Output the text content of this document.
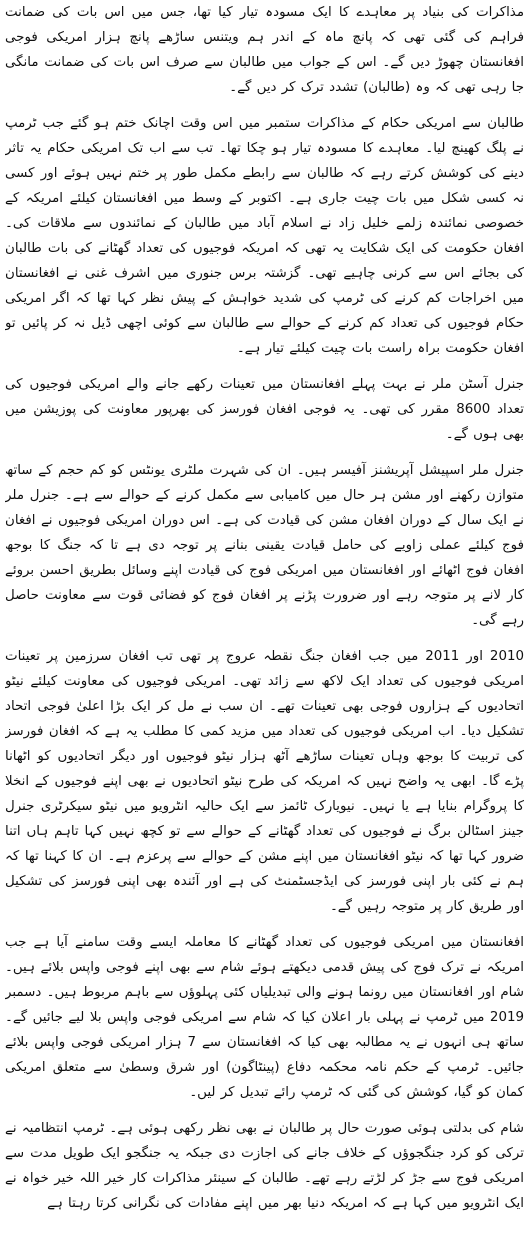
مذاکرات کی بنیاد پر معاہدے کا ایک مسودہ تیار کیا تھا، جس میں اس بات کی ضمانت فراہم کی گئی تھی کہ پانچ ماہ کے اندر ہم ویتنس ساڑھے پانچ ہزار امریکی فوجی افغانستان چھوڑ دیں گے۔ اس کے جواب میں طالبان سے صرف اس بات کی ضمانت مانگی جا رہی تھی کہ وہ (طالبان) تشدد ترک کر دیں گے۔

طالبان سے امریکی حکام کے مذاکرات ستمبر میں اس وقت اچانک ختم ہو گئے جب ٹرمپ نے پلگ کھینچ لیا۔ معاہدے کا مسودہ تیار ہو چکا تھا۔ تب سے اب تک امریکی حکام یہ تاثر دینے کی کوشش کرتے رہے کہ طالبان سے رابطے مکمل طور پر ختم نہیں ہوئے اور کسی نہ کسی شکل میں بات چیت جاری ہے۔ اکتوبر کے وسط میں افغانستان کیلئے امریکہ کے خصوصی نمائندہ زلمے خلیل زاد نے اسلام آباد میں طالبان کے نمائندوں سے ملاقات کی۔ افغان حکومت کی ایک شکایت یہ تھی کہ امریکہ فوجیوں کی تعداد گھٹانے کی بات طالبان کی بجائے اس سے کرنی چاہیے تھی۔ گزشتہ برس جنوری میں اشرف غنی نے افغانستان میں اخراجات کم کرنے کی ٹرمپ کی شدید خواہش کے پیش نظر کہا تھا کہ اگر امریکی حکام فوجیوں کی تعداد کم کرنے کے حوالے سے طالبان سے کوئی اچھی ڈیل نہ کر پائیں تو افغان حکومت براہ راست بات چیت کیلئے تیار ہے۔

جنرل آسٹن ملر نے بہت پہلے افغانستان میں تعینات رکھے جانے والے امریکی فوجیوں کی تعداد 8600 مقرر کی تھی۔ یہ فوجی افغان فورسز کی بھرپور معاونت کی پوزیشن میں بھی ہوں گے۔

جنرل ملر اسپیشل آپریشنز آفیسر ہیں۔ ان کی شہرت ملٹری یونٹس کو کم حجم کے ساتھ متوازن رکھنے اور مشن ہر حال میں کامیابی سے مکمل کرنے کے حوالے سے ہے۔ جنرل ملر نے ایک سال کے دوران افغان مشن کی قیادت کی ہے۔ اس دوران امریکی فوجیوں نے افغان فوج کیلئے عملی زاویے کی حامل قیادت یقینی بنانے پر توجہ دی ہے تا کہ جنگ کا بوجھ افغان فوج اٹھائے اور افغانستان میں امریکی فوج کی قیادت اپنے وسائل بطریق احسن بروئے کار لانے پر متوجہ رہے اور ضرورت پڑنے پر افغان فوج کو فضائی قوت سے معاونت حاصل رہے گی۔

2010 اور 2011 میں جب افغان جنگ نقطہ عروج پر تھی تب افغان سرزمین پر تعینات امریکی فوجیوں کی تعداد ایک لاکھ سے زائد تھی۔ امریکی فوجیوں کی معاونت کیلئے نیٹو اتحادیوں کے ہزاروں فوجی بھی تعینات تھے۔ ان سب نے مل کر ایک بڑا اعلیٰ فوجی اتحاد تشکیل دیا۔ اب امریکی فوجیوں کی تعداد میں مزید کمی کا مطلب یہ ہے کہ افغان فورسز کی تربیت کا بوجھ وہاں تعینات ساڑھے آٹھ ہزار نیٹو فوجیوں اور دیگر اتحادیوں کو اٹھانا پڑے گا۔ ابھی یہ واضح نہیں کہ امریکہ کی طرح نیٹو اتحادیوں نے بھی اپنے فوجیوں کے انخلا کا پروگرام بنایا ہے یا نہیں۔ نیویارک ٹائمز سے ایک حالیہ انٹرویو میں نیٹو سیکرٹری جنرل جینز اسٹالن برگ نے فوجیوں کی تعداد گھٹانے کے حوالے سے تو کچھ نہیں کہا تاہم ہاں اتنا ضرور کہا تھا کہ نیٹو افغانستان میں اپنے مشن کے حوالے سے پرعزم ہے۔ ان کا کہنا تھا کہ ہم نے کئی بار اپنی فورسز کی ایڈجسٹمنٹ کی ہے اور آئندہ بھی اپنی فورسز کی تشکیل اور طریق کار پر متوجہ رہیں گے۔

افغانستان میں امریکی فوجیوں کی تعداد گھٹانے کا معاملہ ایسے وقت سامنے آیا ہے جب امریکہ نے ترک فوج کی پیش قدمی دیکھتے ہوئے شام سے بھی اپنے فوجی واپس بلائے ہیں۔ شام اور افغانستان میں رونما ہونے والی تبدیلیاں کئی پہلوؤں سے باہم مربوط ہیں۔ دسمبر 2019 میں ٹرمپ نے پہلی بار اعلان کیا کہ شام سے امریکی فوجی واپس بلا لیے جائیں گے۔ ساتھ ہی انہوں نے یہ مطالبہ بھی کیا کہ افغانستان سے 7 ہزار امریکی فوجی واپس بلائے جائیں۔ ٹرمپ کے حکم نامہ محکمہ دفاع (پینٹاگون) اور شرق وسطیٰ سے متعلق امریکی کمان کو گیا، کوشش کی گئی کہ ٹرمپ رائے تبدیل کر لیں۔

شام کی بدلتی ہوئی صورت حال پر طالبان نے بھی نظر رکھی ہوئی ہے۔ ٹرمپ انتظامیہ نے ترکی کو کرد جنگجوؤں کے خلاف جانے کی اجازت دی جبکہ یہ جنگجو ایک طویل مدت سے امریکی فوج سے جڑ کر لڑتے رہے تھے۔ طالبان کے سینئر مذاکرات کار خیر اللہ خیر خواہ نے ایک انٹرویو میں کہا ہے کہ امریکہ دنیا بھر میں اپنے مفادات کی نگرانی کرتا رہتا ہے
